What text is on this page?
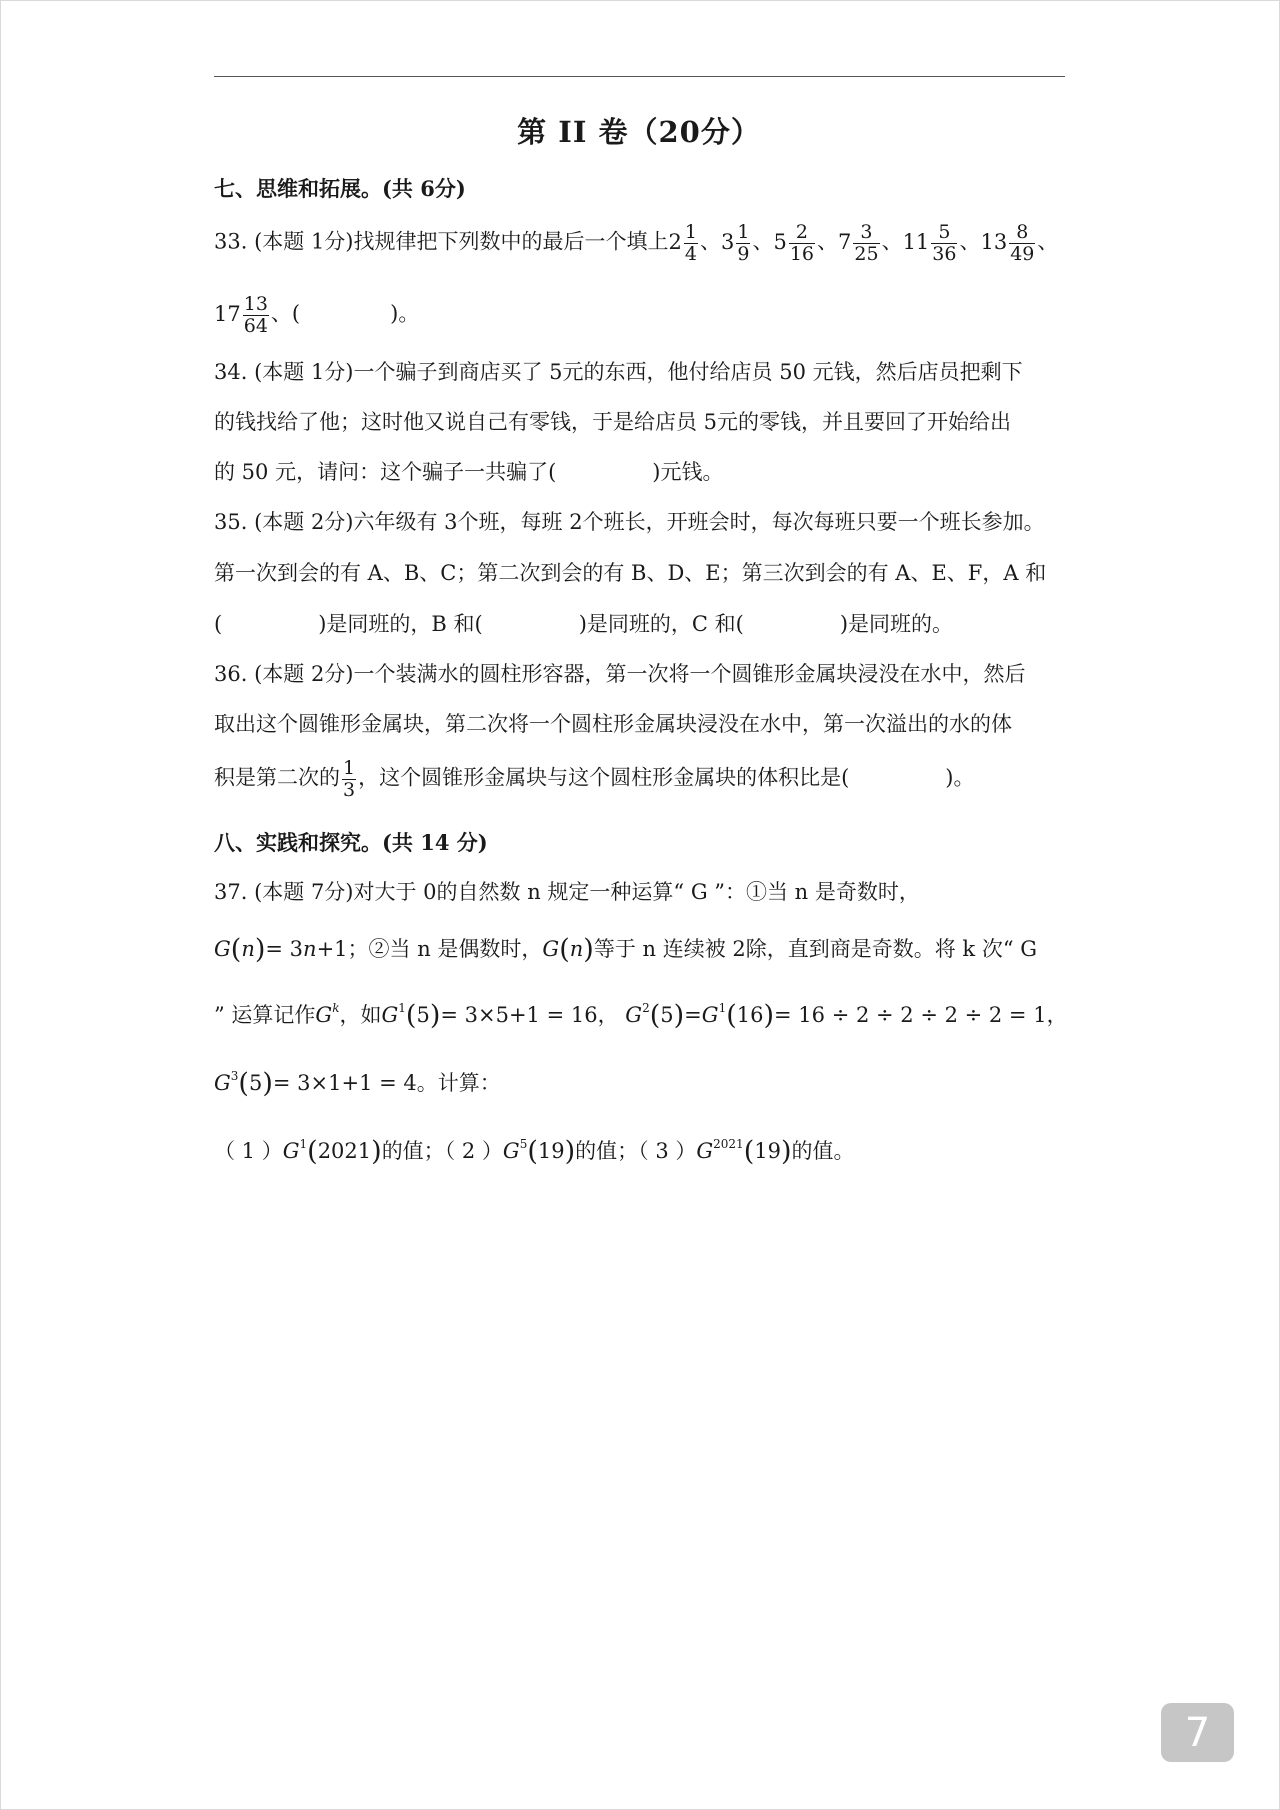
第 II 卷（20分）
七、思维和拓展。(共 6分)
33. (本题 1分)找规律把下列数中的最后一个填上$2 \frac{1}{4}$ 、$3 \frac{1}{9}$ 、$5 \frac{2}{16}$ 、$7 \frac{3}{25}$ 、$11 \frac{5}{36}$ 、$13 \frac{8}{49}$ 、
$17 \frac{13}{64}$ 、(	)。
34. (本题 1分)一个骗子到商店买了 5元的东西，他付给店员 50 元钱，然后店员把剩下
的钱找给了他；这时他又说自己有零钱，于是给店员 5元的零钱，并且要回了开始给出
的 50 元，请问：这个骗子一共骗了(	)元钱。
35. (本题 2分)六年级有 3个班，每班 2个班长，开班会时，每次每班只要一个班长参加。
第一次到会的有 A、B、C；第二次到会的有 B、D、E；第三次到会的有 A、E、F，A 和
(	)是同班的，B 和(	)是同班的，C 和(	)是同班的。
36. (本题 2分)一个装满水的圆柱形容器，第一次将一个圆锥形金属块浸没在水中，然后
取出这个圆锥形金属块，第二次将一个圆柱形金属块浸没在水中，第一次溢出的水的体
积是第二次的 $\frac{1}{3}$ ，这个圆锥形金属块与这个圆柱形金属块的体积比是(	)。
八、实践和探究。(共 14 分)
37. (本题 7分)对大于 0的自然数 n 规定一种运算“ G ”：①当 n 是奇数时，
G(n)= 3n+1；②当 n 是偶数时，G(n)等于 n 连续被 2除，直到商是奇数。将 k 次“ G
” 运算记作$G^k$，如$G^1(5)= 3\times 5+1 = 16$， $G^2(5)=G^1(16)= 16 \div 2 \div 2 \div 2 \div 2 = 1$，
$G^3(5)= 3\times 1+1 = 4$。计算：
（ 1 ）$G^1(2021)$的值；（ 2 ）$G^5(19)$的值；（ 3 ）$G^{2021}(19)$的值。
7
